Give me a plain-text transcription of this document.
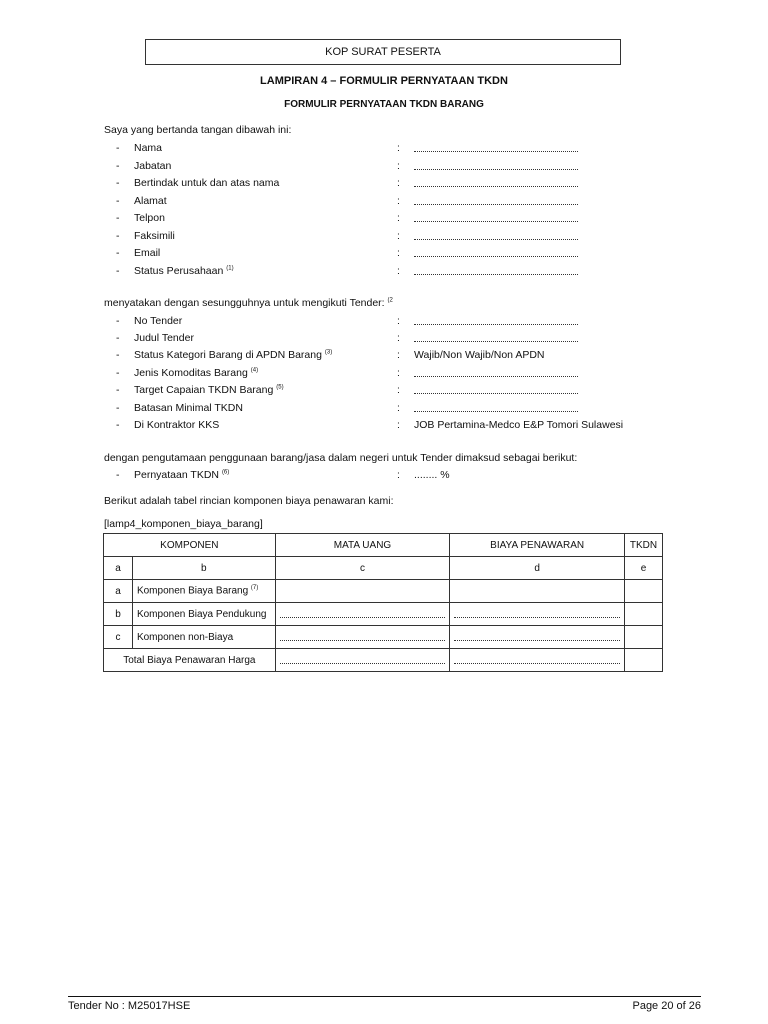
KOP SURAT PESERTA
LAMPIRAN 4 – FORMULIR PERNYATAAN TKDN
FORMULIR PERNYATAAN TKDN BARANG
Saya yang bertanda tangan dibawah ini:
- Nama	:
- Jabatan	:
- Bertindak untuk dan atas nama	:
- Alamat	:
- Telpon	:
- Faksimili	:
- Email	:
- Status Perusahaan $^{(1)}$	:
menyatakan dengan sesungguhnya untuk mengikuti Tender: $^{(2}$
- No Tender	:
- Judul Tender	:
- Status Kategori Barang di APDN Barang $^{(3)}$	: Wajib/Non Wajib/Non APDN
- Jenis Komoditas Barang $^{(4)}$	:
- Target Capaian TKDN Barang $^{(5)}$	:
- Batasan Minimal TKDN	:
- Di Kontraktor KKS	: JOB Pertamina-Medco E&P Tomori Sulawesi
dengan pengutamaan penggunaan barang/jasa dalam negeri untuk Tender dimaksud sebagai berikut:
- Pernyataan TKDN $^{(6)}$	: ........ %
Berikut adalah tabel rincian komponen biaya penawaran kami:
[lamp4_komponen_biaya_barang]
KOMPONEN		MATA UANG	BIAYA PENAWARAN	TKDN
a	b	c	d	e
a	Komponen Biaya Barang $^{(7)}$			
b	Komponen Biaya Pendukung	

c	Komponen non-Biaya	

Total Biaya Penawaran Harga		

Tender No : M25017HSE	Page 20 of 26
